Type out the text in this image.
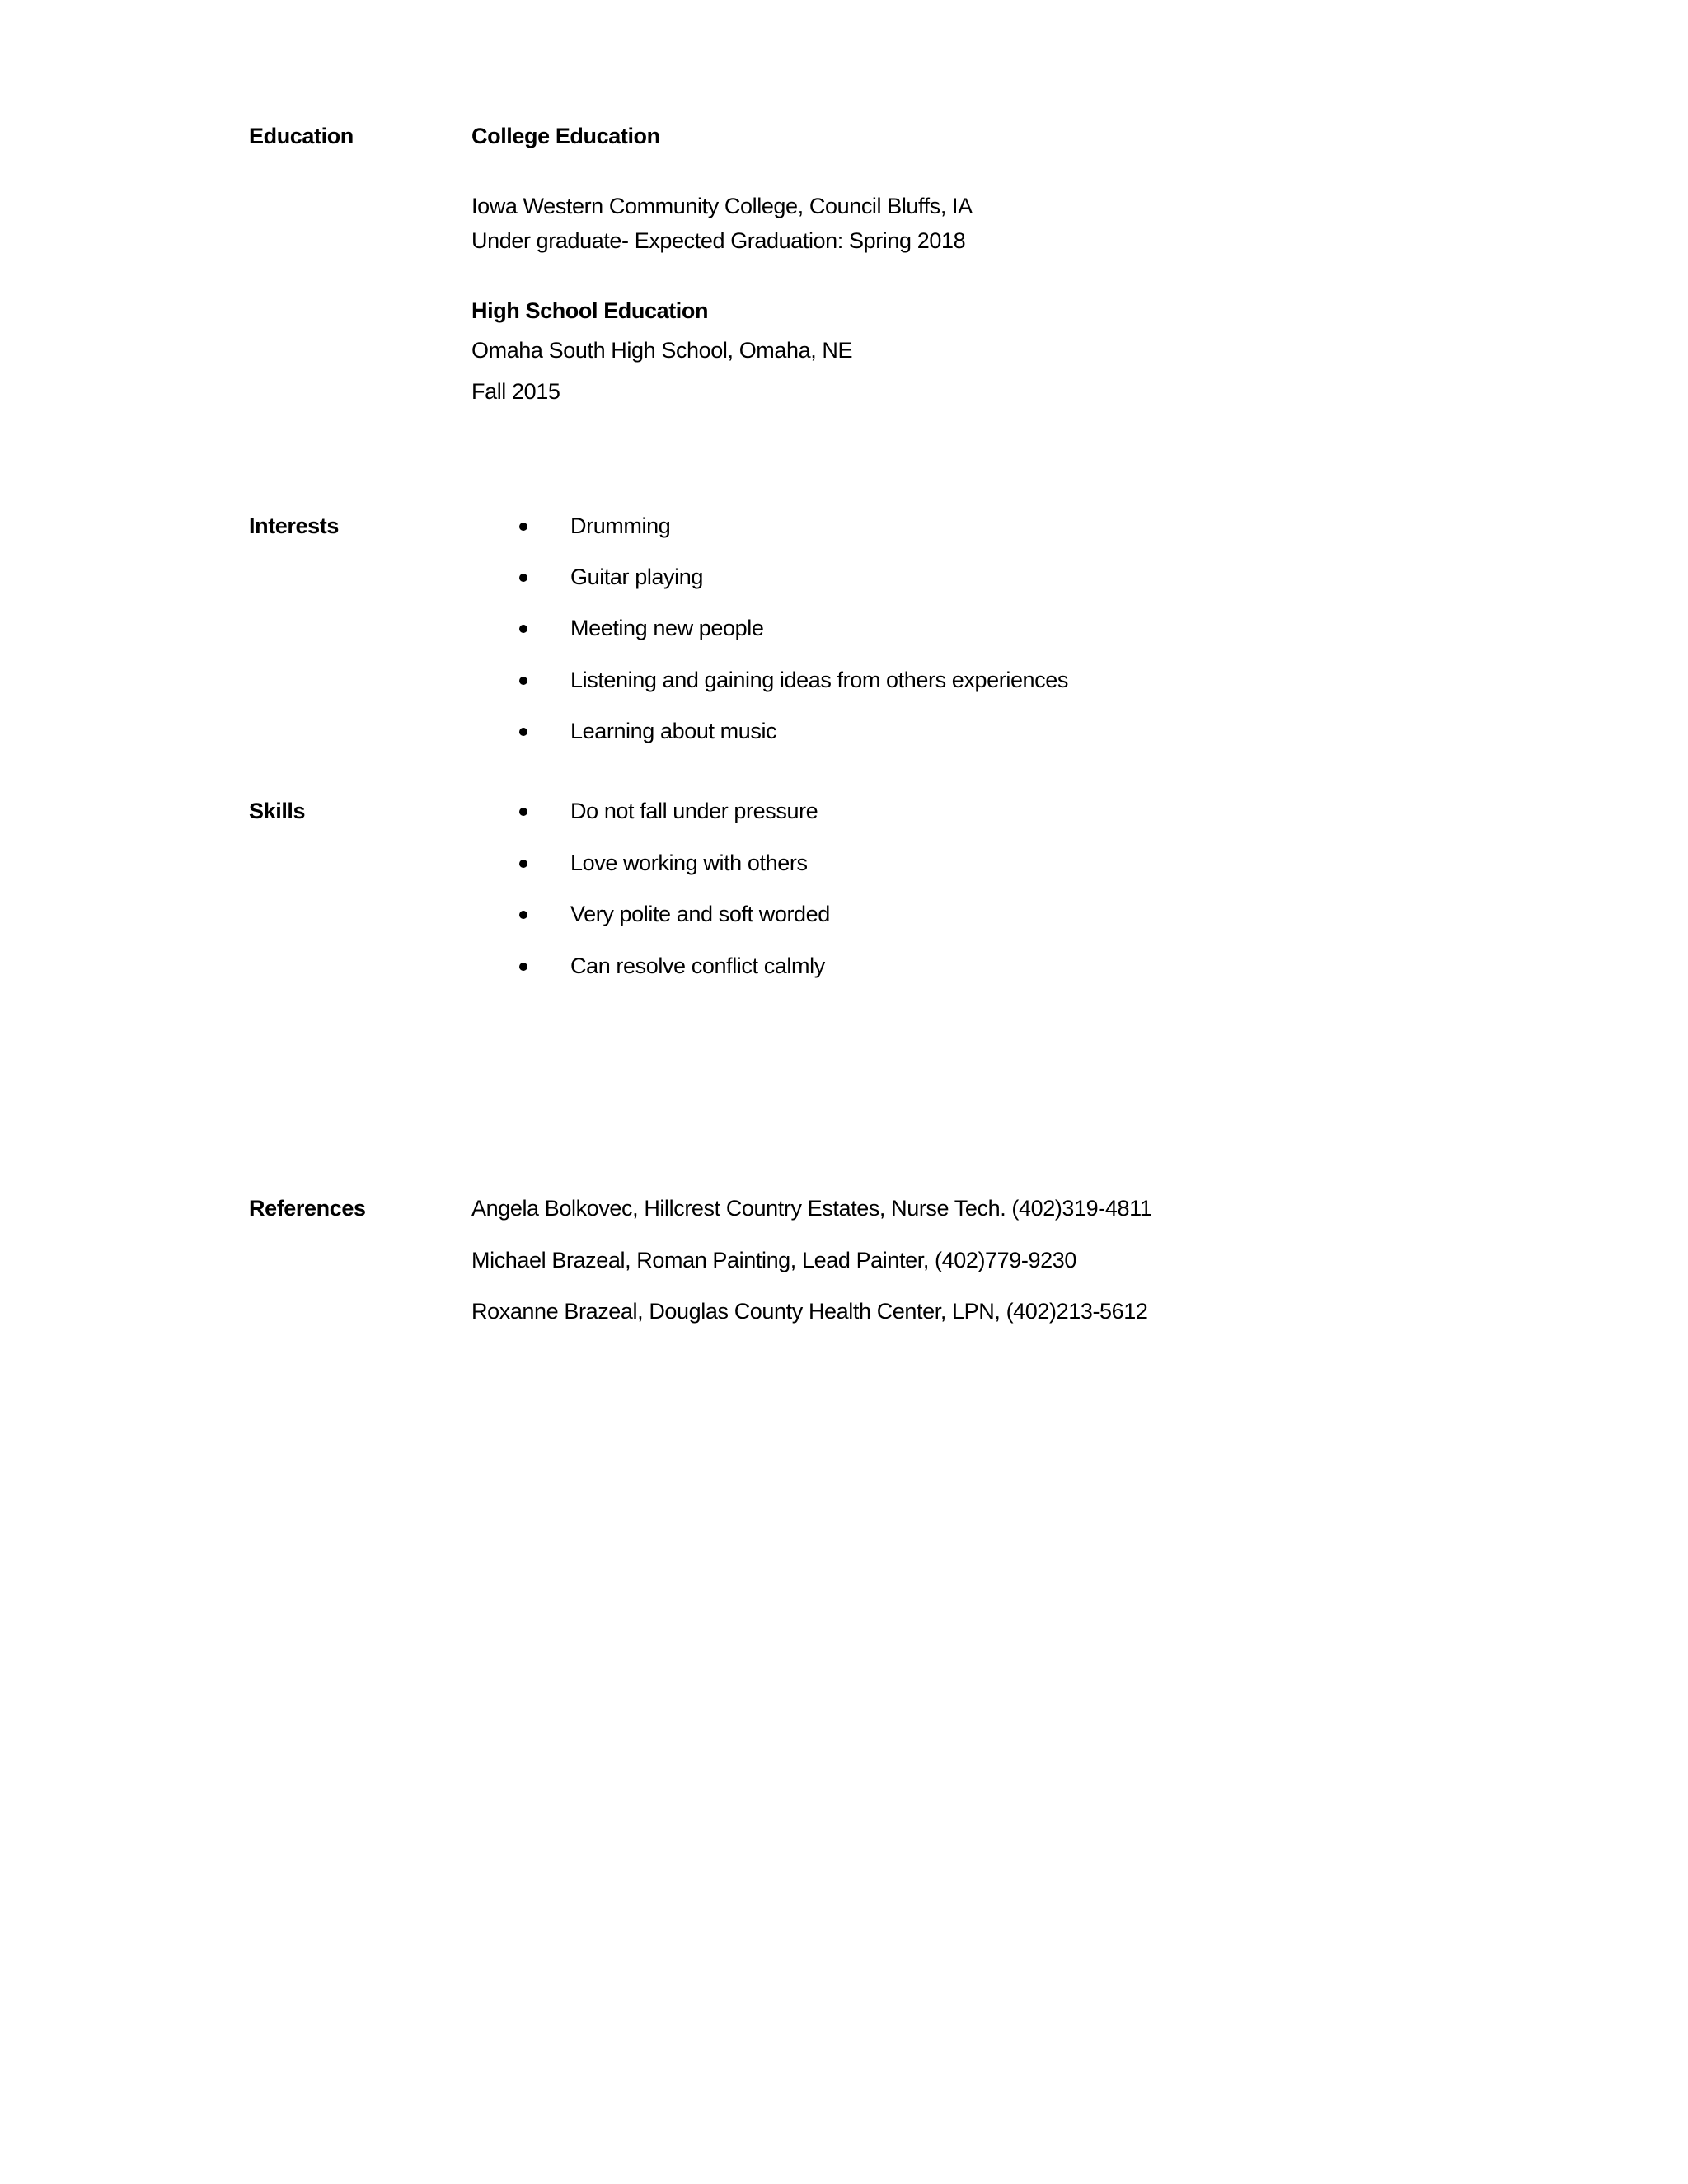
Education	College Education
Iowa Western Community College, Council Bluffs, IA
Under graduate- Expected Graduation: Spring 2018
High School Education
Omaha South High School, Omaha, NE
Fall 2015
Interests	Drumming
Guitar playing
Meeting new people
Listening and gaining ideas from others experiences
Learning about music
Skills	Do not fall under pressure
Love working with others
Very polite and soft worded
Can resolve conflict calmly
References	Angela Bolkovec, Hillcrest Country Estates, Nurse Tech. (402)319-4811
Michael Brazeal, Roman Painting, Lead Painter, (402)779-9230
Roxanne Brazeal, Douglas County Health Center, LPN, (402)213-5612
